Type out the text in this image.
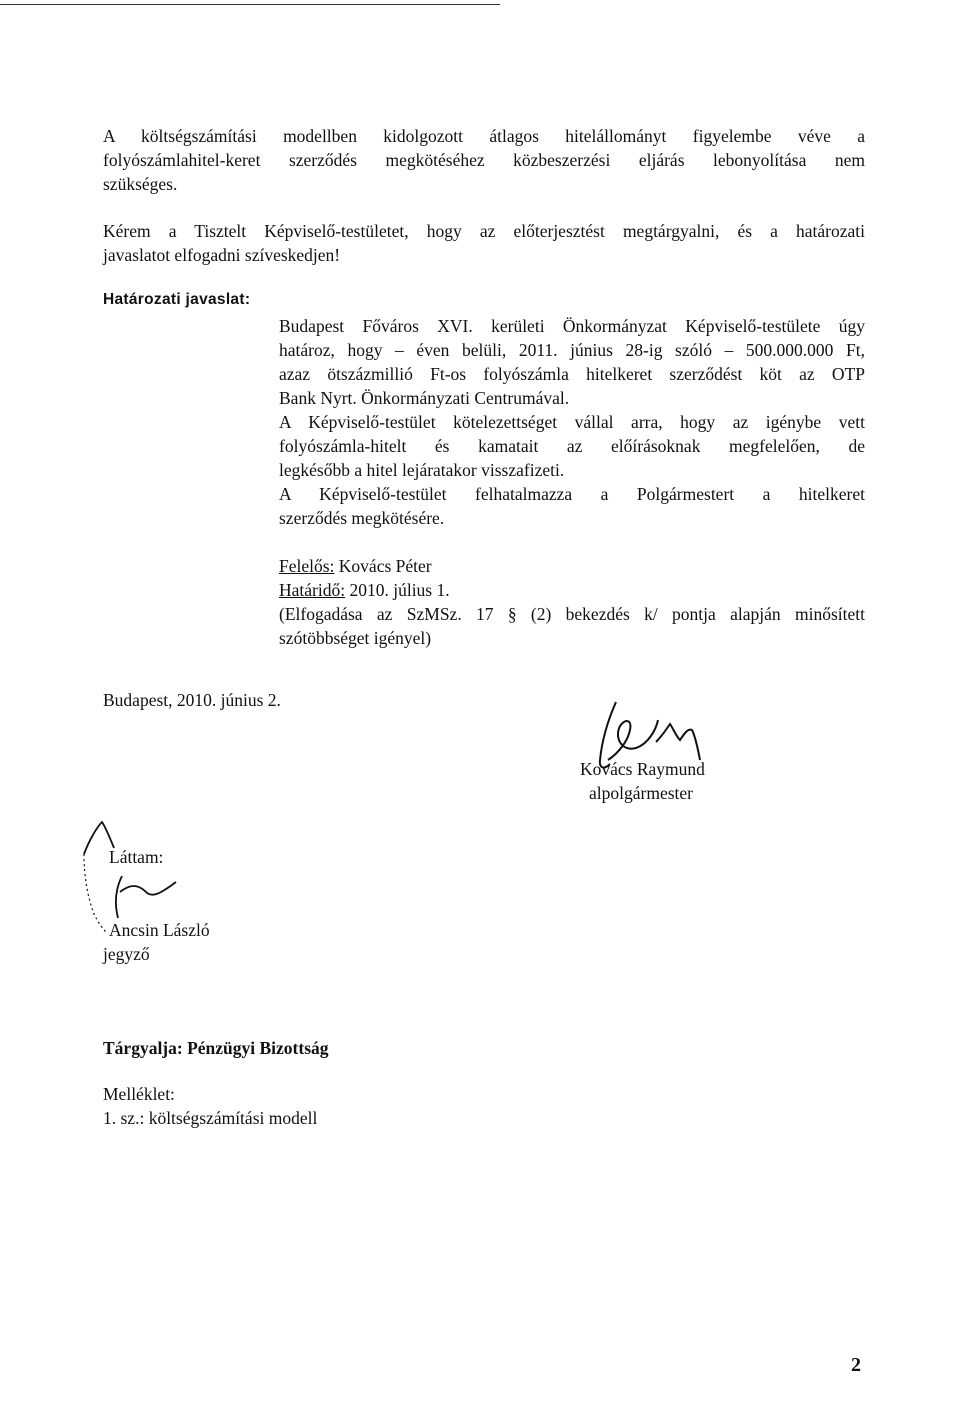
A költségszámítási modellben kidolgozott átlagos hitelállományt figyelembe véve a
folyószámlahitel-keret szerződés megkötéséhez közbeszerzési eljárás lebonyolítása nem
szükséges.
Kérem a Tisztelt Képviselő-testületet, hogy az előterjesztést megtárgyalni, és a határozati
javaslatot elfogadni szíveskedjen!
Határozati javaslat:
Budapest Főváros XVI. kerületi Önkormányzat Képviselő-testülete úgy
határoz, hogy – éven belüli, 2011. június 28-ig szóló – 500.000.000 Ft,
azaz ötszázmillió Ft-os folyószámla hitelkeret szerződést köt az OTP
Bank Nyrt. Önkormányzati Centrumával.
A Képviselő-testület kötelezettséget vállal arra, hogy az igénybe vett
folyószámla-hitelt és kamatait az előírásoknak megfelelően, de
legkésőbb a hitel lejáratakor visszafizeti.
A Képviselő-testület felhatalmazza a Polgármestert a hitelkeret
szerződés megkötésére.
Felelős: Kovács Péter
Határidő: 2010. július 1.
(Elfogadása az SzMSz. 17 § (2) bekezdés k/ pontja alapján minősített
szótöbbséget igényel)
Budapest, 2010. június 2.
Kovács Raymund
alpolgármester
Láttam:
Ancsin László
jegyző
Tárgyalja: Pénzügyi Bizottság
Melléklet:
1. sz.: költségszámítási modell
2
